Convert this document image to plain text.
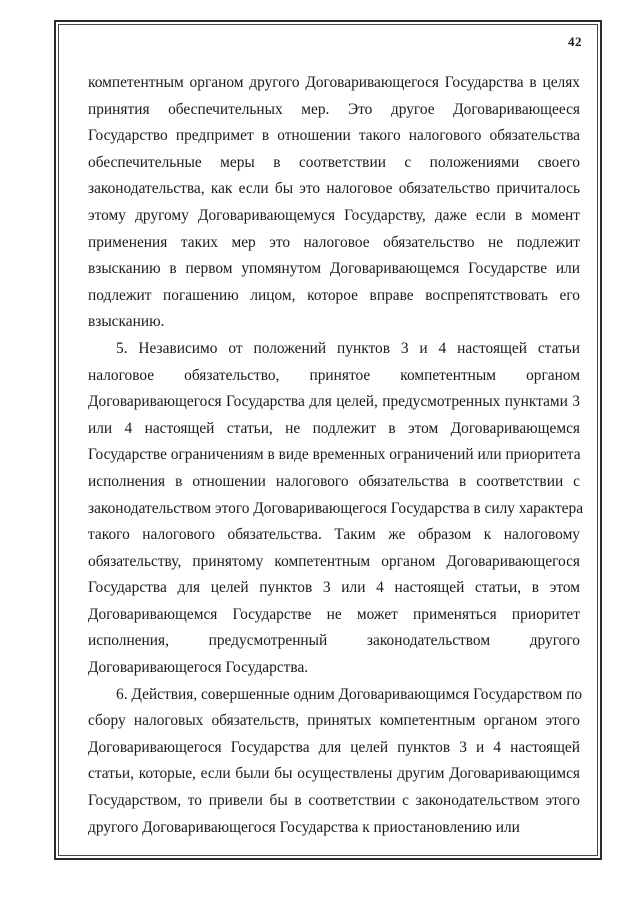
42
компетентным органом другого Договаривающегося Государства в целях
принятия обеспечительных мер. Это другое Договаривающееся
Государство предпримет в отношении такого налогового обязательства
обеспечительные меры в соответствии с положениями своего
законодательства, как если бы это налоговое обязательство причиталось
этому другому Договаривающемуся Государству, даже если в момент
применения таких мер это налоговое обязательство не подлежит
взысканию в первом упомянутом Договаривающемся Государстве или
подлежит погашению лицом, которое вправе воспрепятствовать его
взысканию.
5. Независимо от положений пунктов 3 и 4 настоящей статьи
налоговое обязательство, принятое компетентным органом
Договаривающегося Государства для целей, предусмотренных пунктами 3
или 4 настоящей статьи, не подлежит в этом Договаривающемся
Государстве ограничениям в виде временных ограничений или приоритета
исполнения в отношении налогового обязательства в соответствии с
законодательством этого Договаривающегося Государства в силу характера
такого налогового обязательства. Таким же образом к налоговому
обязательству, принятому компетентным органом Договаривающегося
Государства для целей пунктов 3 или 4 настоящей статьи, в этом
Договаривающемся Государстве не может применяться приоритет
исполнения, предусмотренный законодательством другого
Договаривающегося Государства.
6. Действия, совершенные одним Договаривающимся Государством по
сбору налоговых обязательств, принятых компетентным органом этого
Договаривающегося Государства для целей пунктов 3 и 4 настоящей
статьи, которые, если были бы осуществлены другим Договаривающимся
Государством, то привели бы в соответствии с законодательством этого
другого Договаривающегося Государства к приостановлению или
